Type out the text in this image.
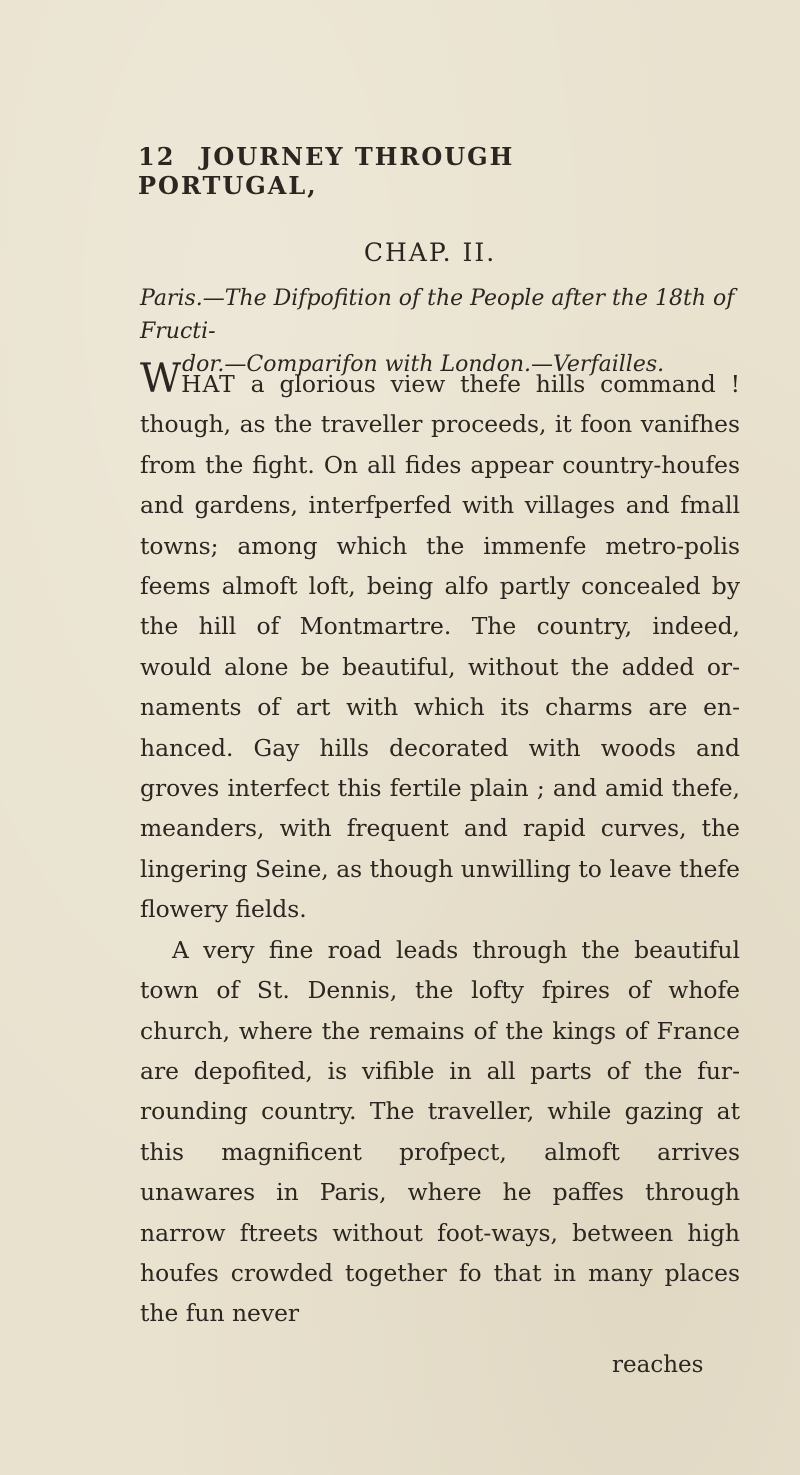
12 JOURNEY THROUGH PORTUGAL,
CHAP. II.
Paris.—The Difpofition of the People after the 18th of Fructi-
dor.—Comparifon with London.—Verfailles.

WHAT a glorious view thefe hills command ! though, as the traveller proceeds, it foon vanifhes from the fight. On all fides appear country-houfes and gardens, interfperfed with villages and fmall towns; among which the immenfe metro-polis feems almoft loft, being alfo partly concealed by the hill of Montmartre. The country, indeed, would alone be beautiful, without the added or-naments of art with which its charms are en-hanced. Gay hills decorated with woods and groves interfect this fertile plain ; and amid thefe, meanders, with frequent and rapid curves, the lingering Seine, as though unwilling to leave thefe flowery fields.

A very fine road leads through the beautiful town of St. Dennis, the lofty fpires of whofe church, where the remains of the kings of France are depofited, is vifible in all parts of the fur-rounding country. The traveller, while gazing at this magnificent profpect, almoft arrives unawares in Paris, where he paffes through narrow ftreets without foot-ways, between high houfes crowded together fo that in many places the fun never

reaches
